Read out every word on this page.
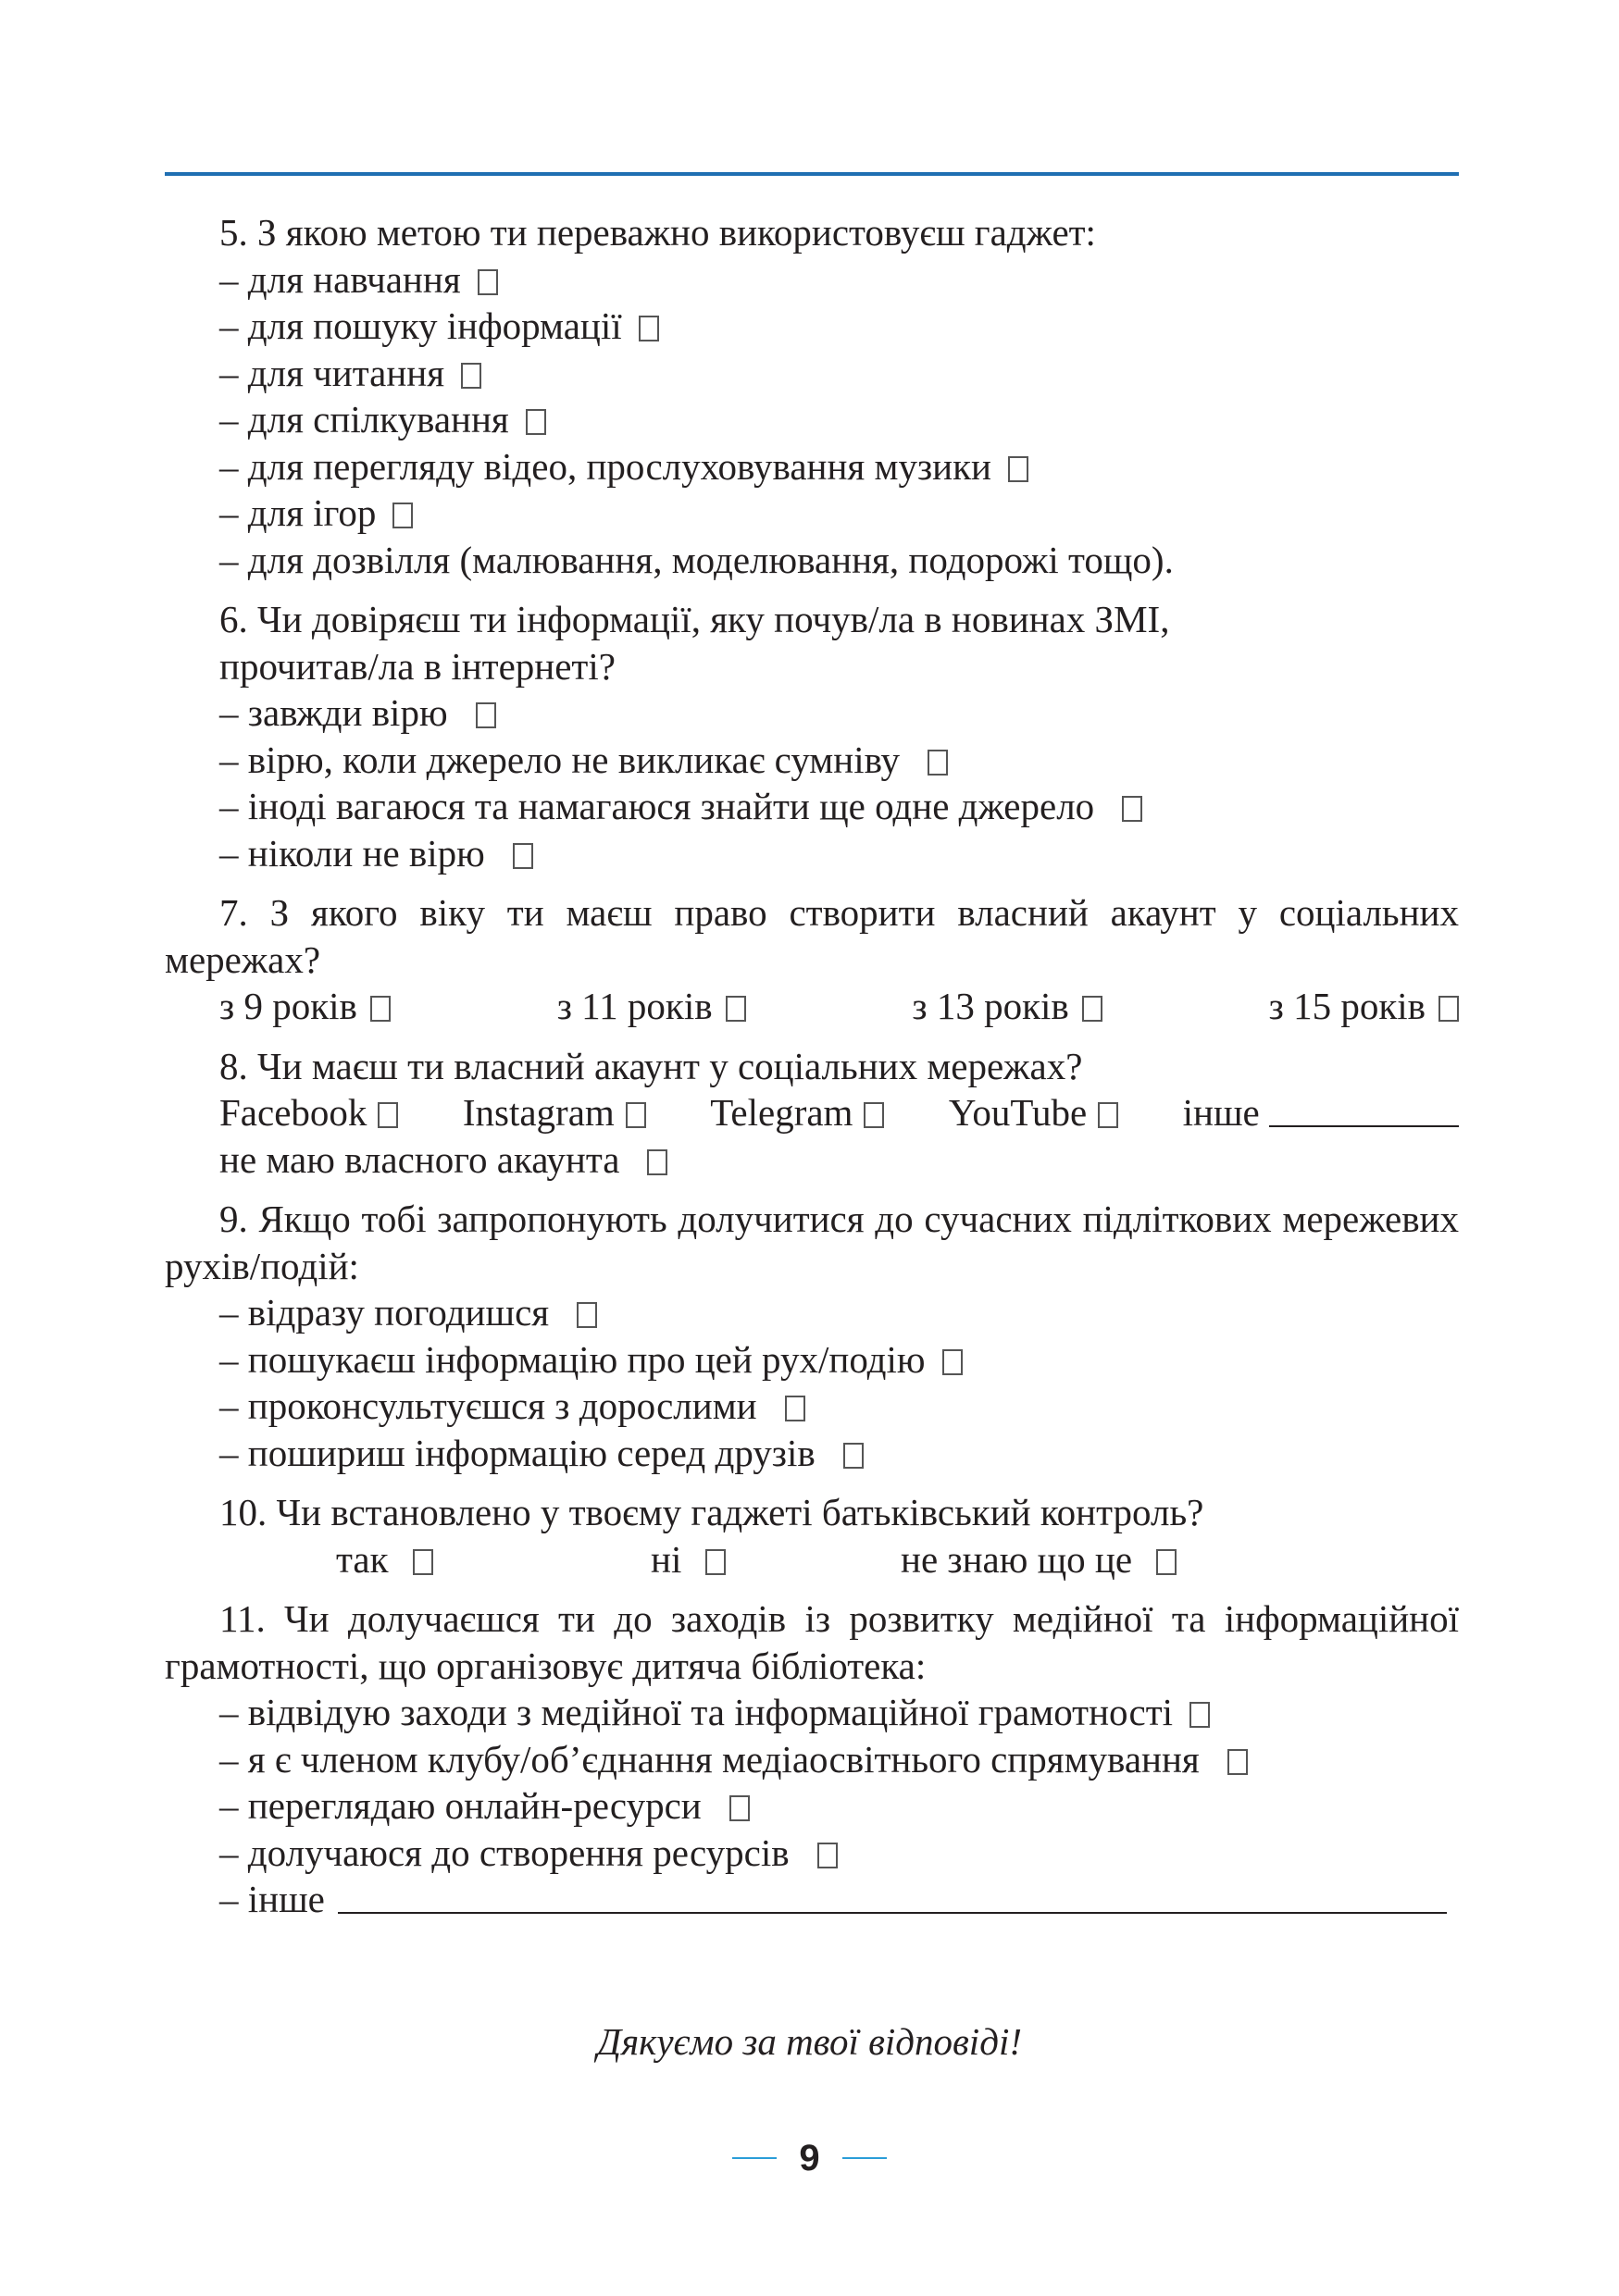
5. З якою метою ти переважно використовуєш гаджет:
– для навчання
– для пошуку інформації
– для читання
– для спілкування
– для перегляду відео, прослуховування музики
– для ігор
– для дозвілля (малювання, моделювання, подорожі тощо).
6. Чи довіряєш ти інформації, яку почув/ла в новинах ЗМІ,
прочитав/ла в інтернеті?
– завжди вірю
– вірю, коли джерело не викликає сумніву
– іноді вагаюся та намагаюся знайти ще одне джерело
– ніколи не вірю

7. З якого віку ти маєш право створити власний акаунт у соціальних мережах?

з 9 років	з 11 років	з 13 років	з 15 років
8. Чи маєш ти власний акаунт у соціальних мережах?
Facebook	Instagram	Telegram	YouTube	інше
не маю власного акаунта

9. Якщо тобі запропонують долучитися до сучасних підліткових мережевих рухів/подій:

– відразу погодишся
– пошукаєш інформацію про цей рух/подію
– проконсультуєшся з дорослими
– пошириш інформацію серед друзів
10. Чи встановлено у твоєму гаджеті батьківський контроль?
так	ні	не знаю що це

11. Чи долучаєшся ти до заходів із розвитку медійної та інформаційної грамотності, що організовує дитяча бібліотека:

– відвідую заходи з медійної та інформаційної грамотності
– я є членом клубу/об’єднання медіаосвітнього спрямування
– переглядаю онлайн-ресурси
– долучаюся до створення ресурсів
– інше
Дякуємо за твої відповіді!
9
